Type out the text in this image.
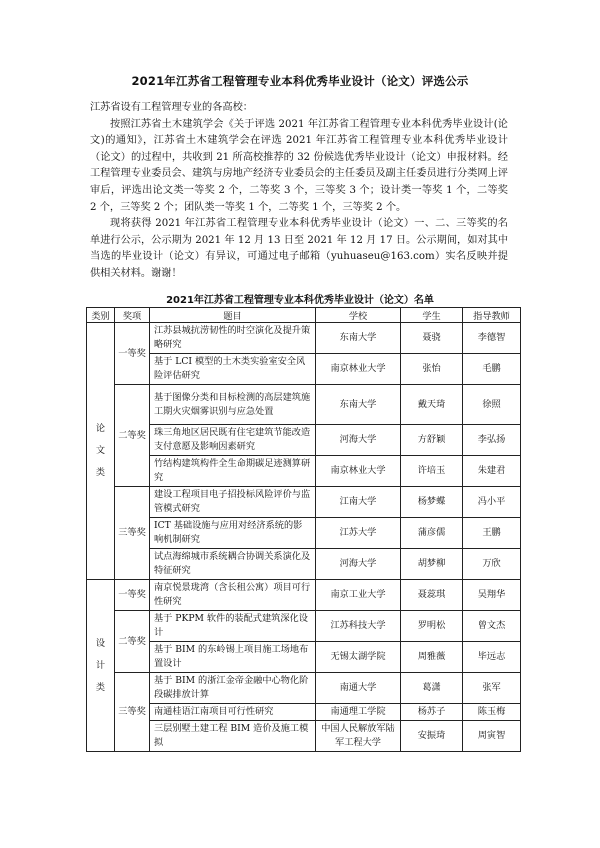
2021年江苏省工程管理专业本科优秀毕业设计（论文）评选公示

江苏省设有工程管理专业的各高校：

按照江苏省土木建筑学会《关于评选 2021 年江苏省工程管理专业本科优秀毕业设计(论文)的通知》，江苏省土木建筑学会在评选 2021 年江苏省工程管理专业本科优秀毕业设计（论文）的过程中，共收到 21 所高校推荐的 32 份候选优秀毕业设计（论文）申报材料。经工程管理专业委员会、建筑与房地产经济专业委员会的主任委员及副主任委员进行分类网上评审后，评选出论文类一等奖 2 个，二等奖 3 个，三等奖 3 个；设计类一等奖 1 个，二等奖 2 个，三等奖 2 个；团队类一等奖 1 个，二等奖 1 个，三等奖 2 个。

现将获得 2021 年江苏省工程管理专业本科优秀毕业设计（论文）一、二、三等奖的名单进行公示，公示期为 2021 年 12 月 13 日至 2021 年 12 月 17 日。公示期间，如对其中当选的毕业设计（论文）有异议，可通过电子邮箱（yuhuaseu@163.com）实名反映并提供相关材料。谢谢！

2021年江苏省工程管理专业本科优秀毕业设计（论文）名单
类别	奖项	题目	学校	学生	指导教师

论
文
类	一等奖	江苏县城抗涝韧性的时空演化及提升策略研究	东南大学	聂骁	李德智
		基于 LCI 模型的土木类实验室安全风险评估研究	南京林业大学	张怡	毛鹏
	二等奖	基于图像分类和目标检测的高层建筑施工期火灾烟雾识别与应急处置	东南大学	戴天琦	徐照
		珠三角地区居民既有住宅建筑节能改造支付意愿及影响因素研究	河海大学	方舒颖	李弘扬
		竹结构建筑构件全生命期碳足迹测算研究	南京林业大学	许培玉	朱建君
	三等奖	建设工程项目电子招投标风险评价与监管模式研究	江南大学	杨梦蝶	冯小平
		ICT 基础设施与应用对经济系统的影响机制研究	江苏大学	蒲彦儒	王鹏
		试点海绵城市系统耦合协调关系演化及特征研究	河海大学	胡梦柳	万欣

设
计
类	一等奖	南京悦景珑湾（含长租公寓）项目可行性研究	南京工业大学	聂蕊琪	吴翔华
	二等奖	基于 PKPM 软件的装配式建筑深化设计	江苏科技大学	罗明松	曾文杰
		基于 BIM 的东岭锡上项目施工场地布置设计	无锡太湖学院	周雅薇	毕远志
	三等奖	基于 BIM 的浙江金帝金融中心物化阶段碳排放计算	南通大学	葛潇	张军
		南通桂语江南项目可行性研究	南通理工学院	杨苏子	陈玉梅
		三层别墅土建工程 BIM 造价及施工模拟	中国人民解放军陆军工程大学	安振琦	周寅智
